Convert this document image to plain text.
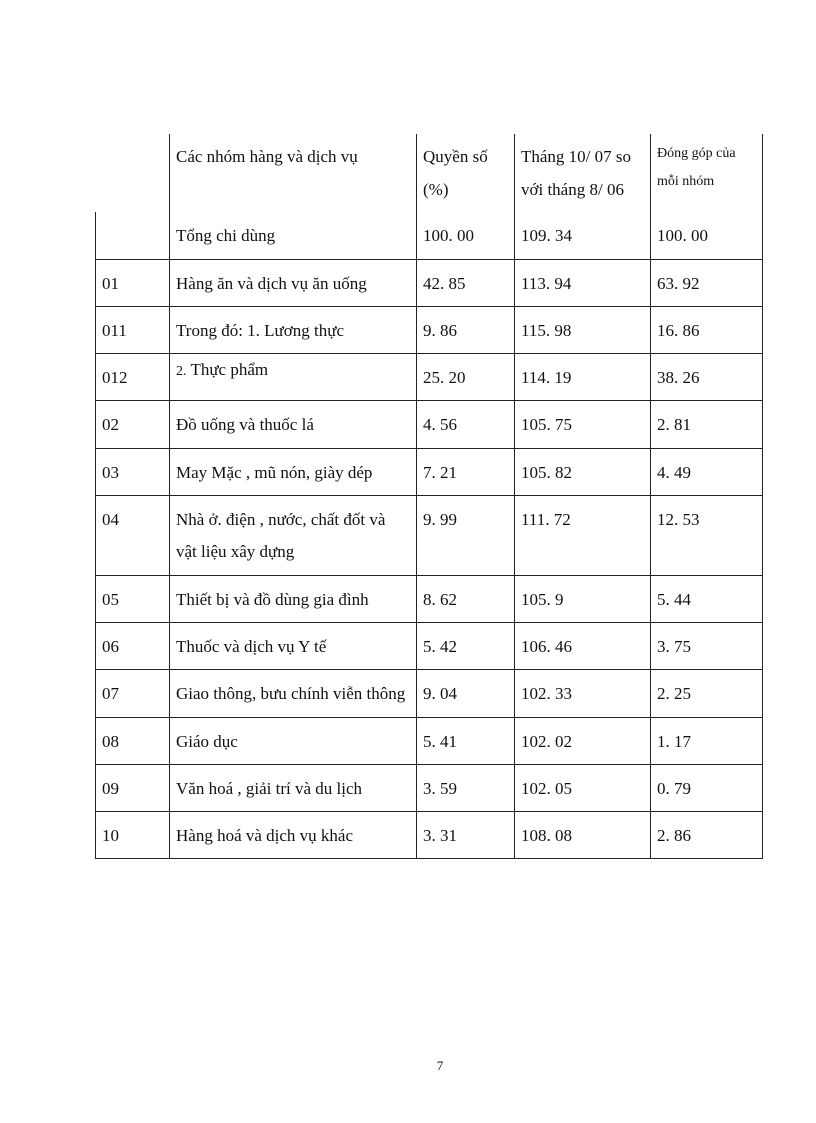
	Các nhóm hàng và dịch vụ	Quyền số (%)	Tháng 10/ 07 so với tháng 8/ 06	Đóng góp của mỗi nhóm
	Tổng chi dùng	100. 00	109. 34	100. 00
01	Hàng ăn và dịch vụ ăn uống	42. 85	113. 94	63. 92
011	Trong đó: 1. Lương thực	9. 86	115. 98	16. 86
012	2. Thực phẩm	25. 20	114. 19	38. 26
02	Đồ uống và thuốc lá	4. 56	105. 75	2. 81
03	May Mặc , mũ nón, giày dép	7. 21	105. 82	4. 49
04	Nhà ở. điện , nước, chất đốt và vật liệu xây dựng	9. 99	111. 72	12. 53
05	Thiết bị và đồ dùng gia đình	8. 62	105. 9	5. 44
06	Thuốc và dịch vụ Y tế	5. 42	106. 46	3. 75
07	Giao thông, bưu chính viễn thông	9. 04	102. 33	2. 25
08	Giáo dục	5. 41	102. 02	1. 17
09	Văn hoá , giải trí và du lịch	3. 59	102. 05	0. 79
10	Hàng hoá và dịch vụ khác	3. 31	108. 08	2. 86
7
